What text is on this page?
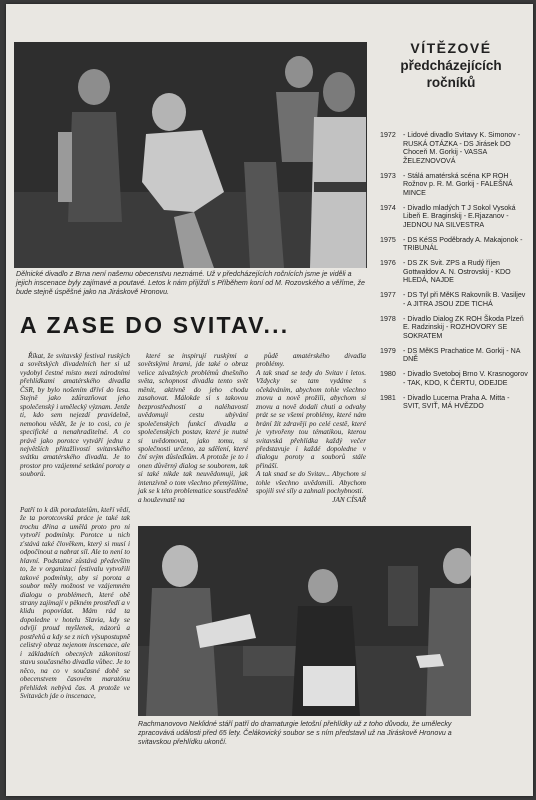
Dělnické divadlo z Brna není našemu obecenstvu neznámé. Už v předcházejících ročnících jsme je viděli a jejich inscenace byly zajímavé a poutavé. Letos k nám přijíždí s Příběhem koní od M. Rozovského a věříme, že bude stejně úspěšné jako na Jiráskově Hronovu.
VÍTĚZOVÉ
předcházejících
ročníků
1972	- Lidové divadlo Svitavy K. Simonov - RUSKÁ OTÁZKA - DS Jirásek DO Choceň M. Gorkij - VASSA ŽELEZNOVOVÁ
1973	- Stálá amatérská scéna KP ROH Rožnov p. R. M. Gorkij - FALEŠNÁ MINCE
1974	- Divadlo mladých T J Sokol Vysoká Libeň E. Braginskij - E.Rjazanov - JEDNOU NA SILVESTRA
1975	- DS KéSS Poděbrady A. Makajonok - TRIBUNÁL
1976	- DS ZK Svit. ZPS a Rudý říjen Gottwaldov A. N. Ostrovskij - KDO HLEDÁ, NAJDE
1977	- DS Tyl při MěKS Rakovník B. Vasiljev - A JITRA JSOU ZDE TICHÁ
1978	- Divadlo Dialog ZK ROH Škoda Plzeň E. Radzinskij - ROZHOVORY SE SOKRATEM
1979	- DS MěKS Prachatice M. Gorkij - NA DNĚ
1980	- Divadlo Svetoboj Brno V. Krasnogorov - TAK, KDO, K ČERTU, ODEJDE
1981	- Divadlo Lucerna Praha A. Mitta - SVIT, SVIŤ, MÁ HVĚZDO
A ZASE DO SVITAV...

Říkat, že svitavský festival ruských a sovětských divadelních her si už vydobyl čestné místo mezi národními přehlídkami amatérského divadla ČSR, by bylo nošením dříví do lesa. Stejně jako zdůrazňovat jeho společenský i umělecký význam. Jenže ti, kdo sem nejezdí pravidelně, nemohou vědět, že je to cosi, co je specifické a nenahraditelné. A co právě jako porotce vytváří jednu z největších přitažlivostí svitavského svátku amatérského divadla. Je to prostor pro vzájemné setkání poroty a souborů.

Patří to k dík poradatelům, kteří vědí, že ta porotcovská práce je také tak trochu dřina a umělá proto pro ni vytvoří podmínky. Porotce u nich z'stává také člověkem, který si musí i odpočinout a nabrat síl. Ale to není to hlavní. Podstatné zůstává především to, že v organizaci festivalu vytvořili takové podmínky, aby si porota a soubor měly možnost ve vzájemném dialogu o problémech, které obě strany zajímají v pěkném prostředí a v klidu popovídat. Mám rád ta dopoledne v hotelu Slavia, kdy se odvíjí proud myšlenek, názorů a postřehů a kdy se z nich výsupostupně celistvý obraz nejenom inscenace, ale i základních obecných zákonitostí stavu současného divadla vůbec. Je to něco, na co v současné době se obecenstvem časovém maratónu přehlídek nebývá čas. A protože ve Svitavách jde o inscenace,

které se inspirují ruskými a sovětskými hrami, jde také o obraz velice závažných problémů dnešního světa, schopnost divadla tento svět měnit, aktivně do jeho chodu zasahovat. Málokde si s takovou bezprostředností a naléhavostí uvědomuji cestu ubývání společenských funkcí divadla a společenských postav, které je nutné si uvědomovat, jako tomu, si společnosti určeno, za sdělení, které ční svým důsledkům. A protože je to i onen důvěrný dialog se souborem, tak si také nikde tak neuvědomuji, jak intenzívně o tom všechno přemýšlíme, jak se k této problematice soustředěně a houževnatě na

půdě amatérského divadla problémy.
A tak snad se tedy do Svitav i letos. Vždycky se tam vydáme s očekáváním, abychom tohle všechno znovu a nově prožili, abychom si znovu a nově dodali chuti a odvahy prát se se všemi problémy, které nám brání žít zdravěji po celé cestě, které je vytvořeny tou tématikou, kterou svitavská přehlídka každý večer představuje i každé dopoledne v dialogu poroty a souborů stále přináší.
A tak snad se do Svitav... Abychom si tohle všechno uvědomili. Abychom spojili své síly a zahnali pochybnosti.

JAN CÍSAŘ

Rachmanovovo Neklidné stáří patří do dramaturgie letošní přehlídky už z toho důvodu, že umělecky zpracovává události před 65 lety. Čelákovický soubor se s ním představil už na Jiráskově Hronovu a svitavskou přehlídku ukončí.
